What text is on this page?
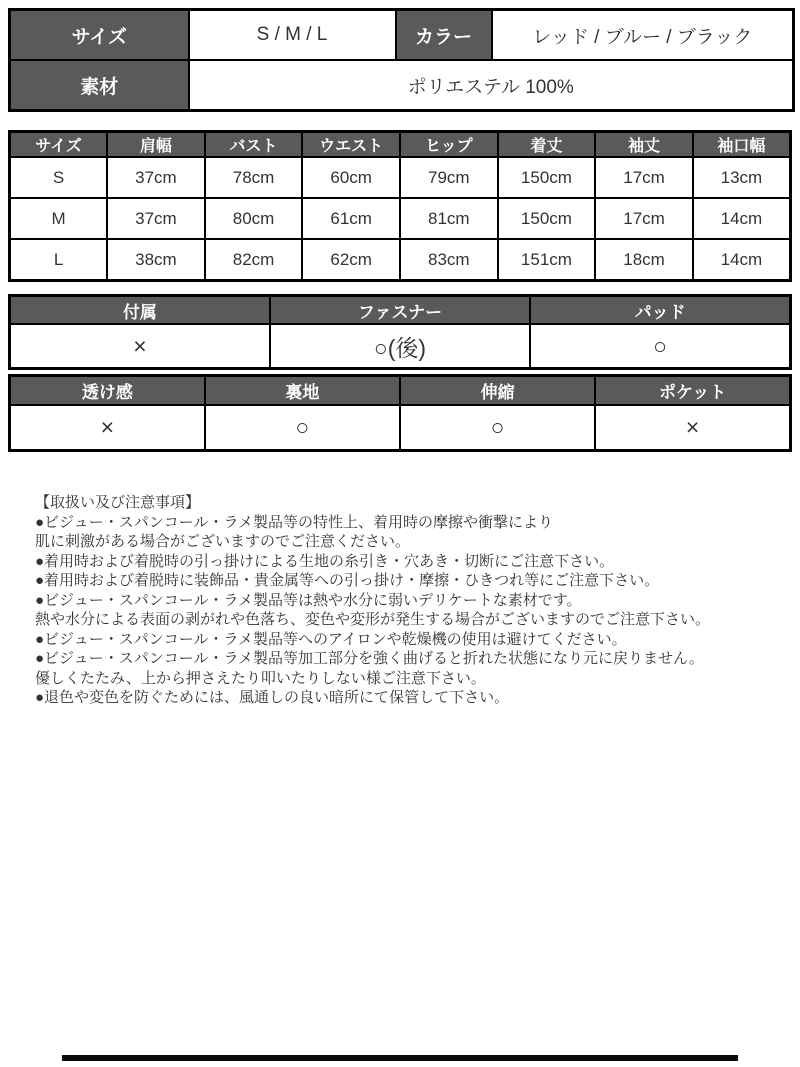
サイズ	S / M / L	カラー	レッド / ブルー / ブラック
素材	ポリエステル 100%		
サイズ	肩幅	バスト	ウエスト	ヒップ	着丈	袖丈	袖口幅
S	37cm	78cm	60cm	79cm	150cm	17cm	13cm
M	37cm	80cm	61cm	81cm	150cm	17cm	14cm
L	38cm	82cm	62cm	83cm	151cm	18cm	14cm
付属	ファスナー	パッド
×	○(後)	○
透け感	裏地	伸縮	ポケット
×	○	○	×
【取扱い及び注意事項】
●ビジュー・スパンコール・ラメ製品等の特性上、着用時の摩擦や衝撃により
肌に刺激がある場合がございますのでご注意ください。
●着用時および着脱時の引っ掛けによる生地の糸引き・穴あき・切断にご注意下さい。
●着用時および着脱時に装飾品・貴金属等への引っ掛け・摩擦・ひきつれ等にご注意下さい。
●ビジュー・スパンコール・ラメ製品等は熱や水分に弱いデリケートな素材です。
熱や水分による表面の剥がれや色落ち、変色や変形が発生する場合がございますのでご注意下さい。
●ビジュー・スパンコール・ラメ製品等へのアイロンや乾燥機の使用は避けてください。
●ビジュー・スパンコール・ラメ製品等加工部分を強く曲げると折れた状態になり元に戻りません。
優しくたたみ、上から押さえたり叩いたりしない様ご注意下さい。
●退色や変色を防ぐためには、風通しの良い暗所にて保管して下さい。
